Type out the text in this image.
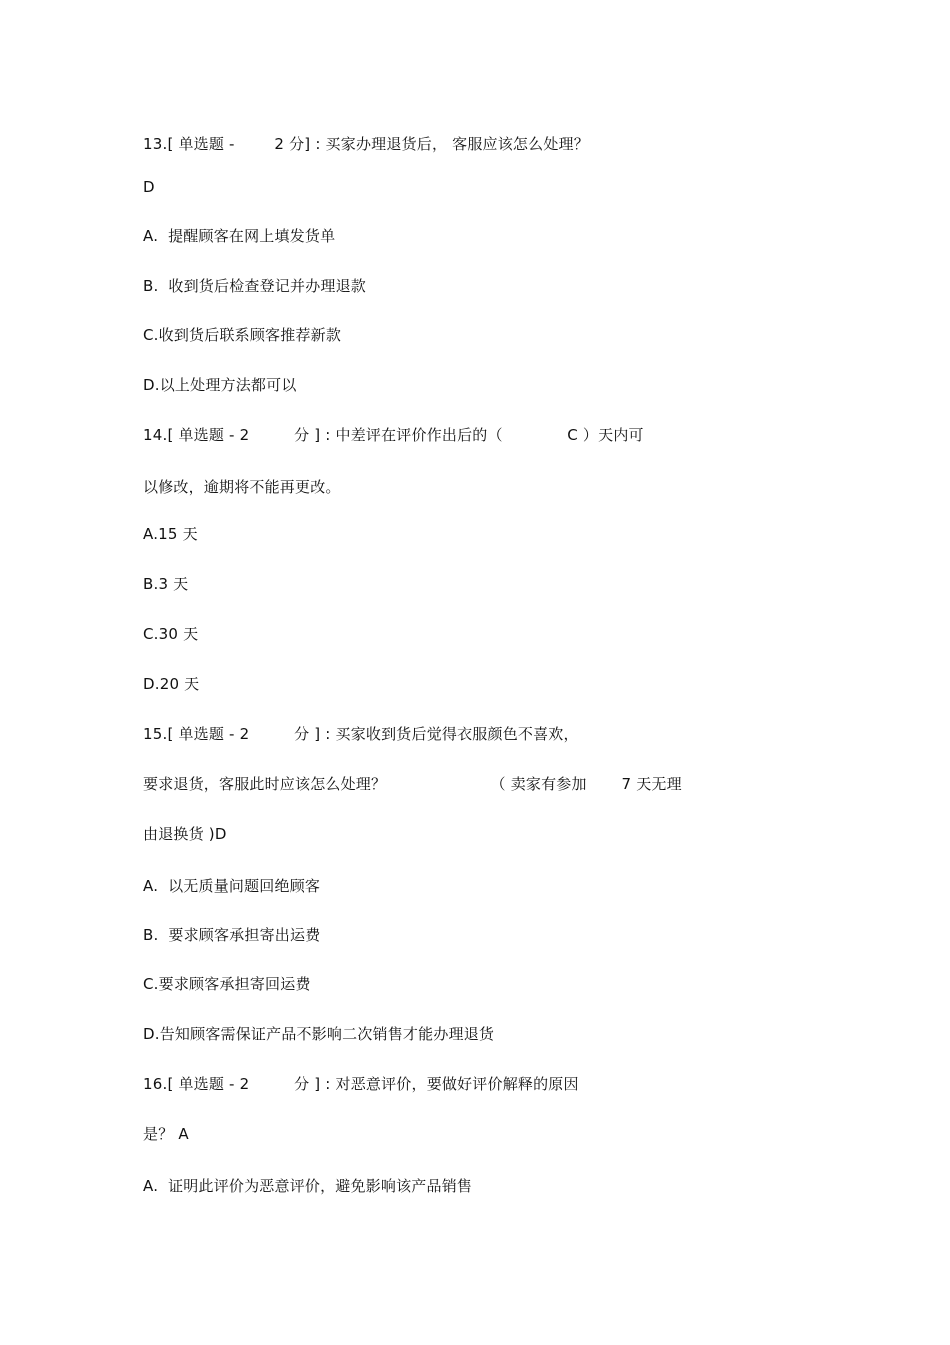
13.[ 单选题 -        2 分] : 买家办理退货后， 客服应该怎么处理？
D
A.  提醒顾客在网上填发货单
B.  收到货后检查登记并办理退款
C.收到货后联系顾客推荐新款
D.以上处理方法都可以
14.[ 单选题 - 2         分 ] : 中差评在评价作出后的（             C ）天内可
以修改，逾期将不能再更改。
A.15 天
B.3 天
C.30 天
D.20 天
15.[ 单选题 - 2         分 ] : 买家收到货后觉得衣服颜色不喜欢，
要求退货，客服此时应该怎么处理？                     （ 卖家有参加       7 天无理
由退换货 )D
A.  以无质量问题回绝顾客
B.  要求顾客承担寄出运费
C.要求顾客承担寄回运费
D.告知顾客需保证产品不影响二次销售才能办理退货
16.[ 单选题 - 2         分 ] : 对恶意评价，要做好评价解释的原因
是？ A
A.  证明此评价为恶意评价，避免影响该产品销售
